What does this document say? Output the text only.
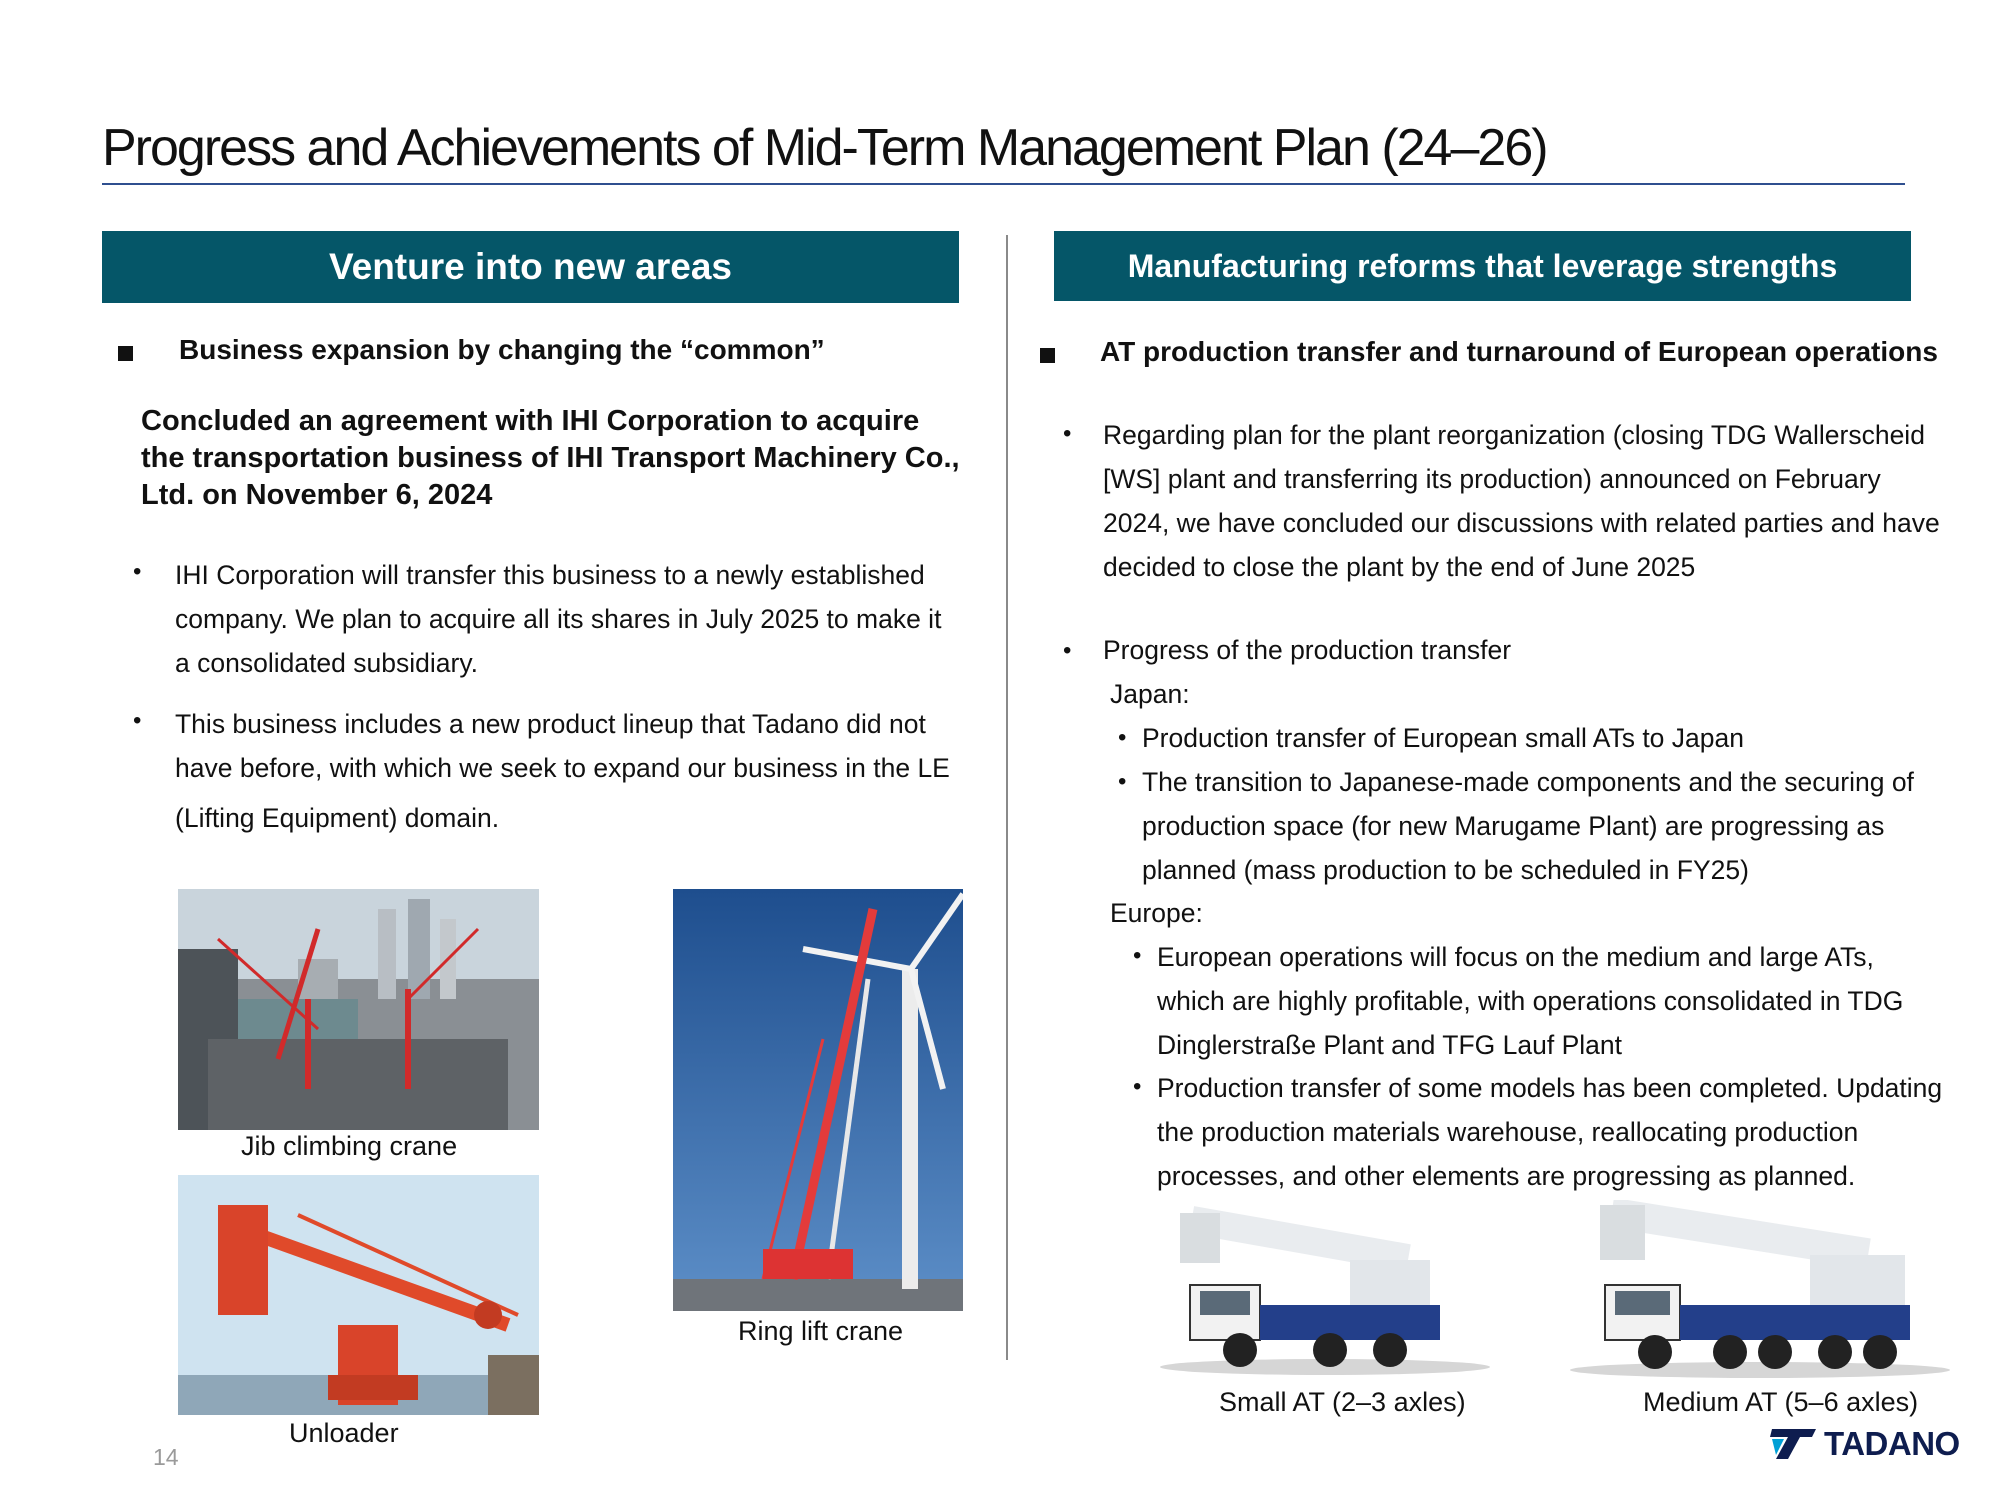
Progress and Achievements of Mid-Term Management Plan (24–26)
Venture into new areas	Manufacturing reforms that leverage strengths
Business expansion by changing the “common”
Concluded an agreement with IHI Corporation to acquire
the transportation business of IHI Transport Machinery Co.,
Ltd. on November 6, 2024
• IHI Corporation will transfer this business to a newly established
company. We plan to acquire all its shares in July 2025 to make it
a consolidated subsidiary.
• This business includes a new product lineup that Tadano did not
have before, with which we seek to expand our business in the LE
(Lifting Equipment) domain.
Jib climbing crane
Unloader
Ring lift crane
AT production transfer and turnaround of European operations
• Regarding plan for the plant reorganization (closing TDG Wallerscheid
[WS] plant and transferring its production) announced on February
2024, we have concluded our discussions with related parties and have
decided to close the plant by the end of June 2025
• Progress of the production transfer
Japan:
• Production transfer of European small ATs to Japan
• The transition to Japanese-made components and the securing of
production space (for new Marugame Plant) are progressing as
planned (mass production to be scheduled in FY25)
Europe:
• European operations will focus on the medium and large ATs,
which are highly profitable, with operations consolidated in TDG
Dinglerstraße Plant and TFG Lauf Plant
• Production transfer of some models has been completed. Updating
the production materials warehouse, reallocating production
processes, and other elements are progressing as planned.
Small AT (2–3 axles)	Medium AT (5–6 axles)
14	TADANO
